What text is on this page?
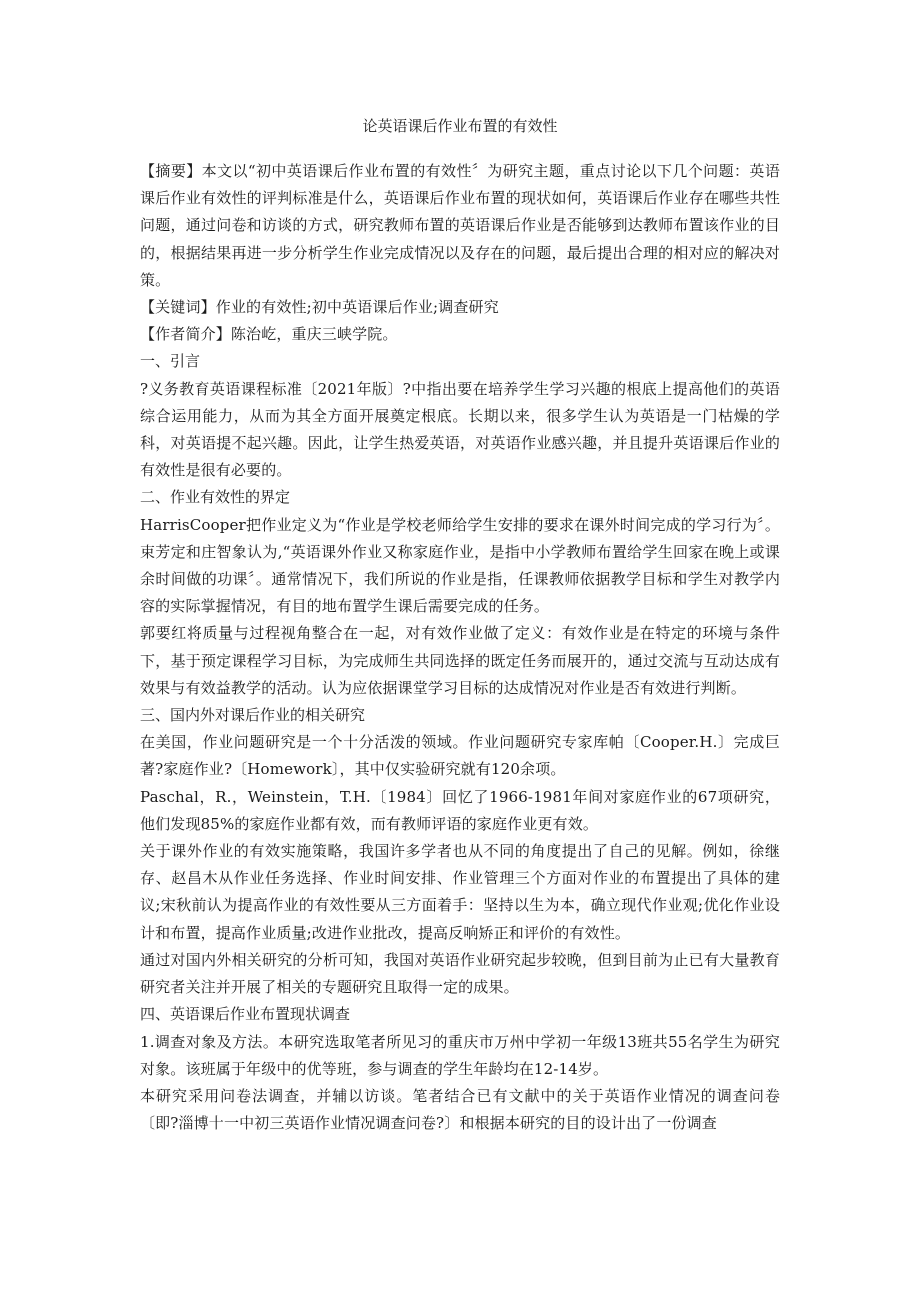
论英语课后作业布置的有效性

【摘要】本文以“初中英语课后作业布置的有效性〞为研究主题，重点讨论以下几个问题：英语课后作业有效性的评判标准是什么，英语课后作业布置的现状如何，英语课后作业存在哪些共性问题，通过问卷和访谈的方式，研究教师布置的英语课后作业是否能够到达教师布置该作业的目的，根据结果再进一步分析学生作业完成情况以及存在的问题，最后提出合理的相对应的解决对策。

【关键词】作业的有效性;初中英语课后作业;调查研究

【作者简介】陈治屹，重庆三峡学院。

一、引言

?义务教育英语课程标准〔2021年版〕?中指出要在培养学生学习兴趣的根底上提高他们的英语综合运用能力，从而为其全方面开展奠定根底。长期以来，很多学生认为英语是一门枯燥的学科，对英语提不起兴趣。因此，让学生热爱英语，对英语作业感兴趣，并且提升英语课后作业的有效性是很有必要的。

二、作业有效性的界定

HarrisCooper把作业定义为“作业是学校老师给学生安排的要求在课外时间完成的学习行为〞。束芳定和庄智象认为,“英语课外作业又称家庭作业，是指中小学教师布置给学生回家在晚上或课余时间做的功课〞。通常情况下，我们所说的作业是指，任课教师依据教学目标和学生对教学内容的实际掌握情况，有目的地布置学生课后需要完成的任务。

郭要红将质量与过程视角整合在一起，对有效作业做了定义：有效作业是在特定的环境与条件下，基于预定课程学习目标，为完成师生共同选择的既定任务而展开的，通过交流与互动达成有效果与有效益教学的活动。认为应依据课堂学习目标的达成情况对作业是否有效进行判断。

三、国内外对课后作业的相关研究

在美国，作业问题研究是一个十分活泼的领域。作业问题研究专家库帕〔Cooper.H.〕完成巨著?家庭作业?〔Homework〕，其中仅实验研究就有120余项。

Paschal，R.，Weinstein，T.H.〔1984〕回忆了1966-1981年间对家庭作业的67项研究，他们发现85%的家庭作业都有效，而有教师评语的家庭作业更有效。

关于课外作业的有效实施策略，我国许多学者也从不同的角度提出了自己的见解。例如，徐继存、赵昌木从作业任务选择、作业时间安排、作业管理三个方面对作业的布置提出了具体的建议;宋秋前认为提高作业的有效性要从三方面着手：坚持以生为本，确立现代作业观;优化作业设计和布置，提高作业质量;改进作业批改，提高反响矫正和评价的有效性。

通过对国内外相关研究的分析可知，我国对英语作业研究起步较晚，但到目前为止已有大量教育研究者关注并开展了相关的专题研究且取得一定的成果。

四、英语课后作业布置现状调查

1.调查对象及方法。本研究选取笔者所见习的重庆市万州中学初一年级13班共55名学生为研究对象。该班属于年级中的优等班，参与调查的学生年龄均在12-14岁。

本研究采用问卷法调查，并辅以访谈。笔者结合已有文献中的关于英语作业情况的调查问卷〔即?淄博十一中初三英语作业情况调查问卷?〕和根据本研究的目的设计出了一份调查
